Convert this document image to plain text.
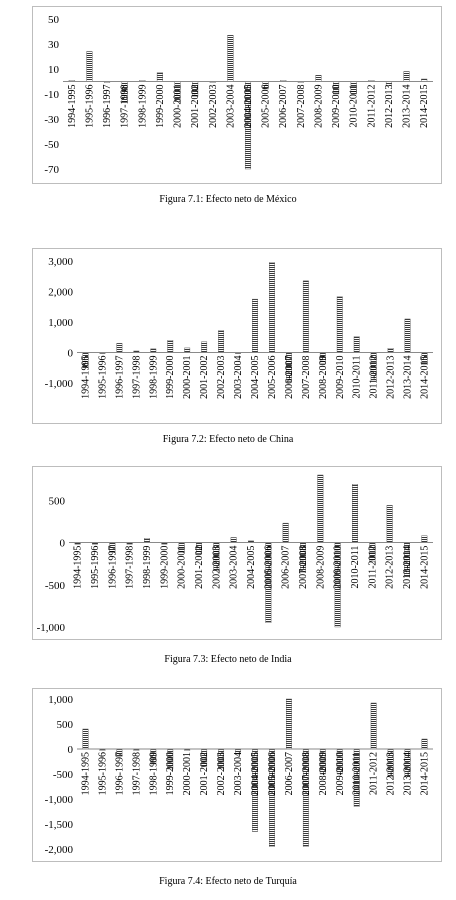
50
30
10
-10
-30
-50
-70
1994-1995 1995-1996 1996-1997 1997-1998 1998-1999 1999-2000 2000-2001 2001-2002 2002-2003 2003-2004 2004-2005 2005-2006 2006-2007 2007-2008 2008-2009 2009-2010 2010-2011 2011-2012 2012-2013 2013-2014 2014-2015
Figura 7.1: Efecto neto de México
3,000
2,000
1,000
0
-1,000 1994-1995 1995-1996 1996-1997 1997-1998 1998-1999 1999-2000 2000-2001 2001-2002 2002-2003 2003-2004 2004-2005 2005-2006 2006-2007 2007-2008 2008-2009 2009-2010 2010-2011 2011-2012 2012-2013 2013-2014 2014-2015
Figura 7.2: Efecto neto de China
500
0
-500
-1,000
1994-1995 1995-1996 1996-1997 1997-1998 1998-1999 1999-2000 2000-2001 2001-2002 2002-2003 2003-2004 2004-2005 2005-2006 2006-2007 2007-2008 2008-2009 2009-2010 2010-2011 2011-2012 2012-2013 2013-2014 2014-2015
Figura 7.3: Efecto neto de India
1,000
500
0
-500
-1,000
-1,500
-2,000
1994-1995 1995-1996 1996-1997 1997-1998 1998-1999 1999-2000 2000-2001 2001-2002 2002-2003 2003-2004 2004-2005 2005-2006 2006-2007 2007-2008 2008-2009 2009-2010 2010-2011 2011-2012 2012-2013 2013-2014 2014-2015
Figura 7.4: Efecto neto de Turquía
